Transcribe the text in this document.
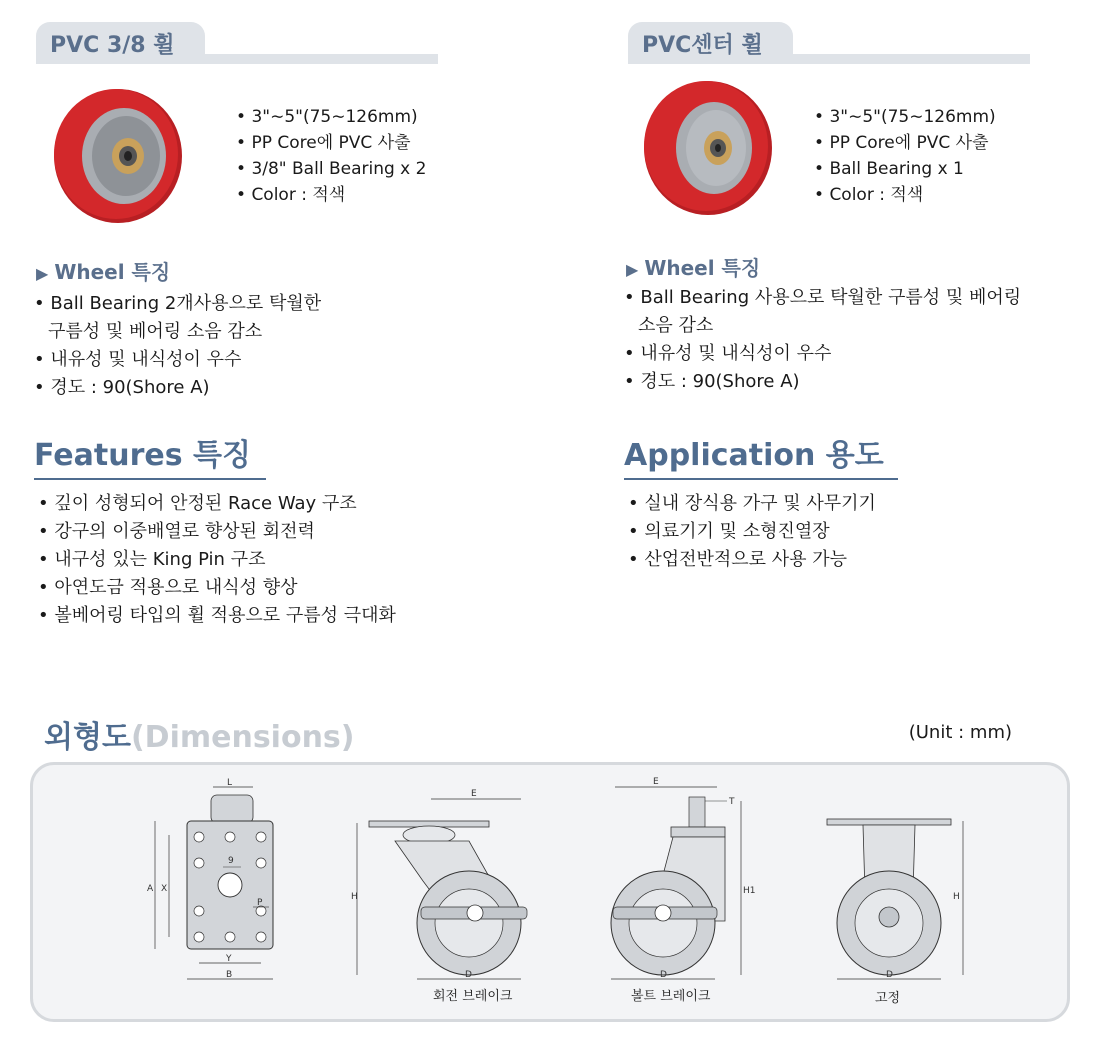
PVC 3/8 휠
• 3"∼5"(75∼126mm)
• PP Core에 PVC 사출
• 3/8" Ball Bearing x 2
• Color : 적색
▶ Wheel 특징
• Ball Bearing 2개사용으로 탁월한 구름성 및 베어링 소음 감소
• 내유성 및 내식성이 우수
• 경도 : 90(Shore A)
PVC센터 휠
• 3"∼5"(75∼126mm)
• PP Core에 PVC 사출
• Ball Bearing x 1
• Color : 적색
▶ Wheel 특징
• Ball Bearing 사용으로 탁월한 구름성 및 베어링 소음 감소
• 내유성 및 내식성이 우수
• 경도 : 90(Shore A)
Features 특징
• 깊이 성형되어 안정된 Race Way 구조
• 강구의 이중배열로 향상된 회전력
• 내구성 있는 King Pin 구조
• 아연도금 적용으로 내식성 향상
• 볼베어링 타입의 휠 적용으로 구름성 극대화
Application 용도
• 실내 장식용 가구 및 사무기기
• 의료기기 및 소형진열장
• 산업전반적으로 사용 가능
외형도(Dimensions)	(Unit : mm)
L
9
P
A X
Y
B
E
H
D
E
T
H1
D
H
D
회전 브레이크	볼트 브레이크	고정
